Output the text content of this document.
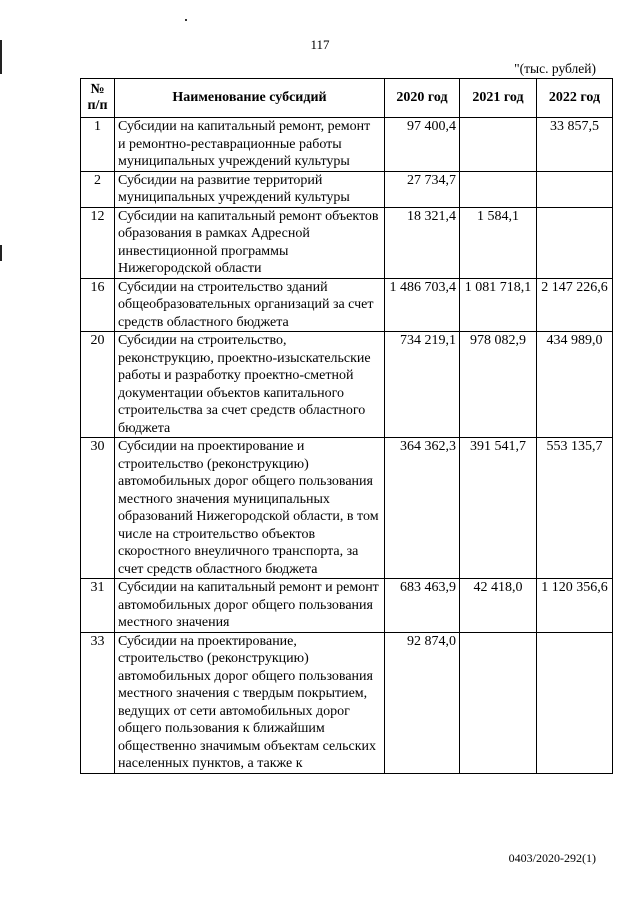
117
"(тыс. рублей)
№ п/п	Наименование субсидий	2020 год	2021 год	2022 год
1	Субсидии на капитальный ремонт, ремонт и ремонтно-реставрационные работы муниципальных учреждений культуры	97 400,4		33 857,5
2	Субсидии на развитие территорий муниципальных учреждений культуры	27 734,7		
12	Субсидии на капитальный ремонт объектов образования в рамках Адресной инвестиционной программы Нижегородской области	18 321,4	1 584,1	
16	Субсидии на строительство зданий общеобразовательных организаций за счет средств областного бюджета	1 486 703,4	1 081 718,1	2 147 226,6
20	Субсидии на строительство, реконструкцию, проектно-изыскательские работы и разработку проектно-сметной документации объектов капитального строительства за счет средств областного бюджета	734 219,1	978 082,9	434 989,0
30	Субсидии на проектирование и строительство (реконструкцию) автомобильных дорог общего пользования местного значения муниципальных образований Нижегородской области, в том числе на строительство объектов скоростного внеуличного транспорта, за счет средств областного бюджета	364 362,3	391 541,7	553 135,7
31	Субсидии на капитальный ремонт и ремонт автомобильных дорог общего пользования местного значения	683 463,9	42 418,0	1 120 356,6
33	Субсидии на проектирование, строительство (реконструкцию) автомобильных дорог общего пользования местного значения с твердым покрытием, ведущих от сети автомобильных дорог общего пользования к ближайшим общественно значимым объектам сельских населенных пунктов, а также к	92 874,0		
0403/2020-292(1)
